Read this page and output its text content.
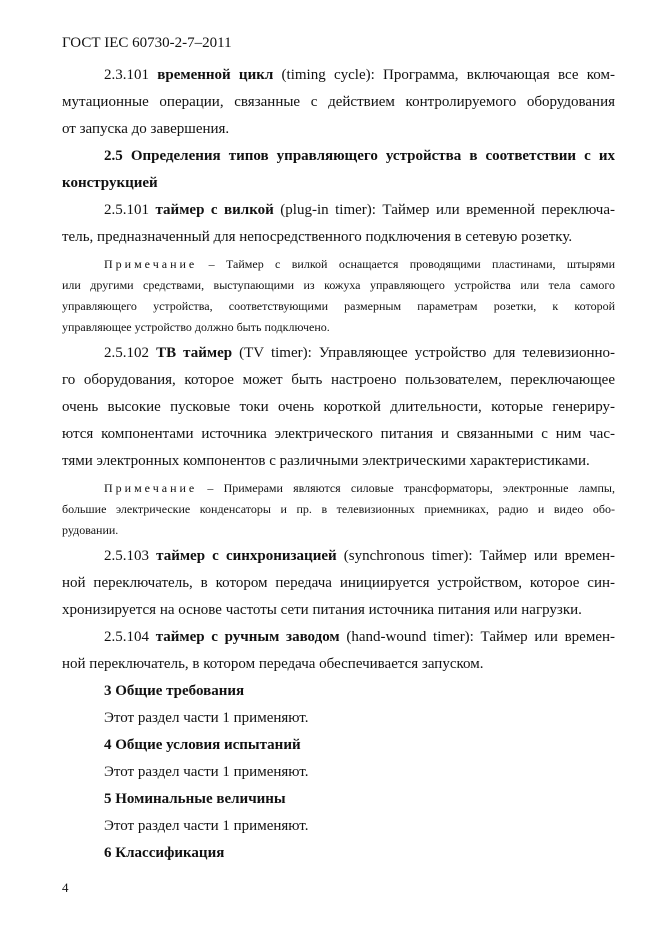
ГОСТ IEC 60730-2-7–2011
2.3.101 временной цикл (timing cycle): Программа, включающая все ком-
мутационные операции, связанные с действием контролируемого оборудования
от запуска до завершения.
2.5 Определения типов управляющего устройства в соответствии с их
конструкцией
2.5.101 таймер с вилкой (plug-in timer): Таймер или временной переключа-
тель, предназначенный для непосредственного подключения в сетевую розетку.
Примечание – Таймер с вилкой оснащается проводящими пластинами, штырями
или другими средствами, выступающими из кожуха управляющего устройства или тела самого
управляющего устройства, соответствующими размерным параметрам розетки, к которой
управляющее устройство должно быть подключено.
2.5.102 ТВ таймер (TV timer): Управляющее устройство для телевизионно-
го оборудования, которое может быть настроено пользователем, переключающее
очень высокие пусковые токи очень короткой длительности, которые генериру-
ются компонентами источника электрического питания и связанными с ним час-
тями электронных компонентов с различными электрическими характеристиками.
Примечание – Примерами являются силовые трансформаторы, электронные лампы,
большие электрические конденсаторы и пр. в телевизионных приемниках, радио и видео обо-
рудовании.
2.5.103 таймер с синхронизацией (synchronous timer): Таймер или времен-
ной переключатель, в котором передача инициируется устройством, которое син-
хронизируется на основе частоты сети питания источника питания или нагрузки.
2.5.104 таймер с ручным заводом (hand-wound timer): Таймер или времен-
ной переключатель, в котором передача обеспечивается запуском.
3 Общие требования
Этот раздел части 1 применяют.
4 Общие условия испытаний
Этот раздел части 1 применяют.
5 Номинальные величины
Этот раздел части 1 применяют.
6 Классификация
4
